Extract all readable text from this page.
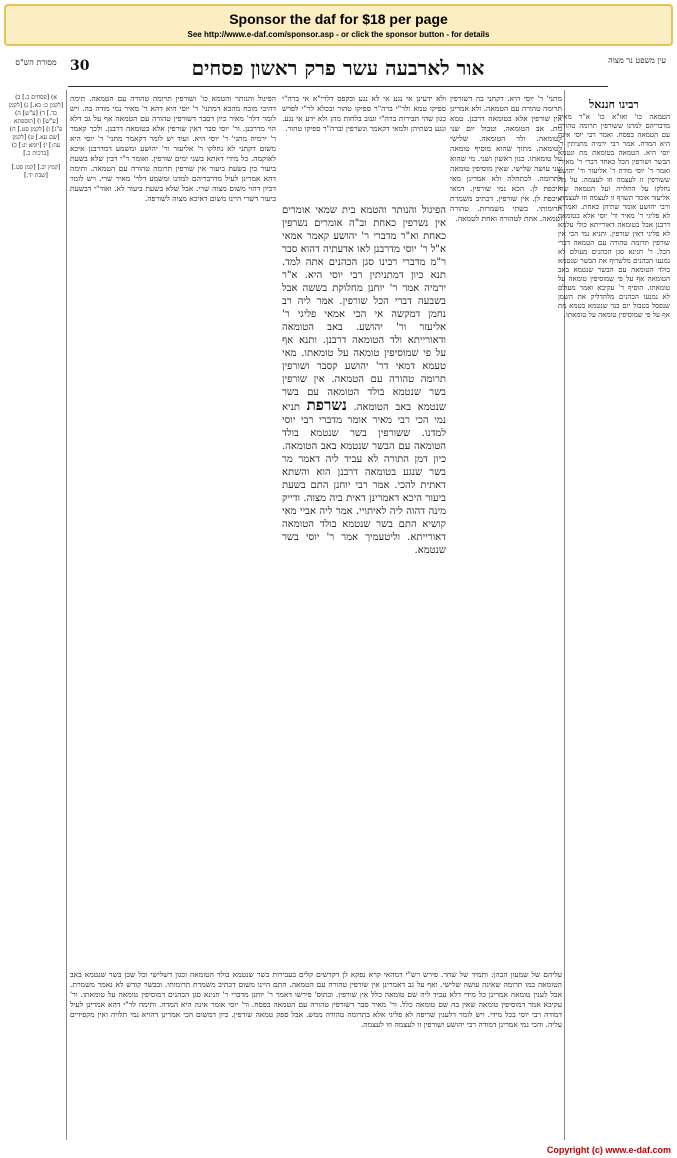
Sponsor the daf for $18 per page
See http://www.e-daf.com/sponsor.asp - or click the sponsor button - for details
מסורת הש"ס 30	אור לארבעה עשר פרק ראשון פסחים	עין משפט נר מצוה
א) [פסחים כ.] ב) [לקמן כ: כא.] ג) [לקמן כד.] ד) [ע"ש] ה) [ע"ש] ו) [תוספתא פ"ג] ז) [לקמן סט.] ח) [שם עא.] ט) [לקמן עה:] י) [יומא יג:] כ) [ברכות כ.]
[קמץ יב.] [קמן סט.] [שבת יד.]
הפיגול והנותר והטמא כו' ושורפין תרומה טהורה עם הטמאה. תימה דהיכי מוכח מהכא דמתני' ר' יוסי היא דהא ר' מאיר נמי מודה בה. ויש לומר דלר' מאיר כיון דסבר דשורפין טהורה עם הטמאה אף על גב דלא הוי מדרבנן. ור' יוסי סבר דאין שורפין אלא בטומאה דרבנן. ולכך קאמר ר' ירמיה מתני' ר' יוסי היא. ועוד יש לומר דקאמר מתני' ר' יוסי היא משום דקתני לא נחלקו ר' אליעזר ור' יהושע ומשמע דמדרבנן איכא לאוקמה. כל מידי דאתא בשני ימים שורפין. ואומר ר"י דבין שלא בשעת ביעור בין בשעת ביעור אין שורפין תרומה טהורה עם הטמאה. ותימה דהא אמרינן לעיל מדרבריהם למדנו ומשמע דלר' מאיר שרי. ויש לומר דכיון דהוי משום מצוה שרי. אבל שלא בשעת ביעור לא. ואור"י דבשעת ביעור דשרי היינו משום דאיכא מצוה לשורפה.
ולא ידעינן אי נגע אי לא נגע ובקפס דלרי"א אי ברה"י ספיקו טמא ולר"י ברה"ר ספיקו טהור ובכלא לר"י לפרש כגון שהי תבירות ברה"י וגנוב בלחות מהן ולא ידע אי נגע. ונגע בשתיהן ולמאי דקאמר ונשרפין וברה"ר ספיקו טהור.
הפיגול והנותר והטמא בית שמאי אומרים אין נשרפין כאחת וב"ה אומרים נשרפין כאחת וא"ר מדברי ר' יהושע קאמר אמאי א"ל ר' יוסי מדרבנן לאו אדעתיה דהוא סבר ר"מ מדברי רבינו סגן הכהנים אתה למד. תנא כיון דמתניתין רבי יוסי היא. א"ר ירמיה אמר ר' יוחנן מחלוקת בששה אבל בשבעה דברי הכל שורפין. אמר ליה רב נחמן דמקשה אי הכי אמאי פליגי ר' אליעזר ור' יהושע. באב הטומאה ודאורייתא ולד הטומאה דרבנן. ותנא אף על פי שמוסיפין טומאה על טומאתו. מאי טעמא דמאי דר' יהושע קסבר ושורפין תרומה טהורה עם הטמאה. אין שורפין בשר שנטמא בולד הטומאה עם בשר שנטמא באב הטומאה. נשרפת תניא נמי הכי רבי מאיר אומר מדברי רבי יוסי למדנו. ששורפין בשר שנטמא בולד הטומאה עם הבשר שנטמא באב הטומאה. כיון דמן התורה לא עביד ליה דאמר מר בשר שנגע בטומאה דרבנן הוא והשתא דאתית להכי. אמר רבי יוחנן התם בשעת ביעור היכא דאמרינן דאית ביה מצוה. ודייק מינה דהוה ליה לאיתויי. אמר ליה אביי מאי קושיא התם בשר שנטמא בולד הטומאה דאורייתא. וליטעמיך אמר ר' יוסי בשר שנטמא.
מתני' ר' יוסי היא. דקתני בה דשורפין תרומה טהורה עם הטמאה. ולא אמרינן אין שורפין אלא בטומאה דרבנן. טמא מת. אב הטומאה. וטבול יום שני לטומאה. ולד הטומאה. שלישי לטומאה. מתוך שהוא מוסיף טומאה על טומאתו. כגון ראשון ושני. מי שהוא שני עושה שלישי. שאין מוסיפין טומאה לתרומה. לכתחלה ולא אמרינן מאי איכפת לן. הכא נמי שורפין. דמאי איכפת לן. אין שורפין. דכתיב משמרת תרומותי. בשתי משמרות. טהורה וטמאה. אחת לטהורה ואחת לטמאה.
רבינו חננאל
הטמאה כו' ואו"א כו' א"ר מאיר מדבריהם למדנו ששורפין תרומה טהורה עם הטמאה בפסח. ואמר רבי יוסי אינה היא המדה. אמר רבי ירמיה מתניתין ר' יוסי היא. הטמאה בטומאת מת ונטמא הבשר ושורפין הכל כאחד דברי ר' מאיר. ואמר ר' יוסי מודה ר' אליעזר ור' יהושע ששורפין זו לעצמה וזו לעצמה. על מה נחלקו על התלויה ועל הטמאה שר' אליעזר אומר תשרף זו לעצמה וזו לעצמה. ורבי יהושע אומר שתיהן כאחת. ואמרינן לא פליגי ר' מאיר ור' יוסי אלא בטומאה דרבנן אבל בטומאה דאורייתא כולי עלמא לא פליגי דאין שורפין. ותניא נמי הכי אין שורפין תרומה טהורה עם הטמאה דברי הכל. ר' חנינא סגן הכהנים מעולם לא נמנעו הכהנים מלשרוף את הבשר שנטמא בולד הטומאה עם הבשר שנטמא באב הטומאה אף על פי שמוסיפין טומאה על טומאתו. הוסיף ר' עקיבא ואמר מעולם לא נמנעו הכהנים מלהדליק את השמן שנפסל בטבול יום בנר שנטמא בטמא מת אף על פי שמוסיפין טומאה על טומאתו.
עליהם של שמעון הכהן: ותמיד של שחר. פירש רש"י דמהאי קרא נפקא לן דקדשים קלים בעבירות בשר שנטמא בולד הטומאה וכגון דשלישי וכל שכן בשר שנטמא באב הטומאה כמו תרומה שאינה עושה שלישי. ואף על גב דאמרינן אין שורפין טהורה עם הטמאה. התם היינו משום דכתיב משמרת תרומותי. ובבשר קודש לא נאמר משמרת. אבל לענין טומאה אמרינן כל מידי דלא עביד ליה שם טומאה כלל אין שורפין. ובתוס' פירשו דאמר ר' יוחנן מדברי ר' חנינא סגן הכהנים דמוסיפין טומאה על טומאתו. ור' עקיבא אמר דמוסיפין טומאה שאין בה שם טומאה כלל. ור' מאיר סבר דשורפין טהורה עם הטמאה בפסח. ור' יוסי אומר אינה היא המדה. ותימה לר"י דהא אמרינן לעיל דמודה רבי יוסי בכל מידי. ויש לומר דלענין שריפה לא פליגי אלא בתרומה טהורה ממש. אבל ספק טמאה שורפין. כיון דמשום הכי אמרינן דהויא נמי תלויה ואין מקפידים עליה. והכי נמי אמרינן דמודה רבי יהושע ושורפין זו לעצמה וזו לעצמה.
Copyright (c) www.e-daf.com
